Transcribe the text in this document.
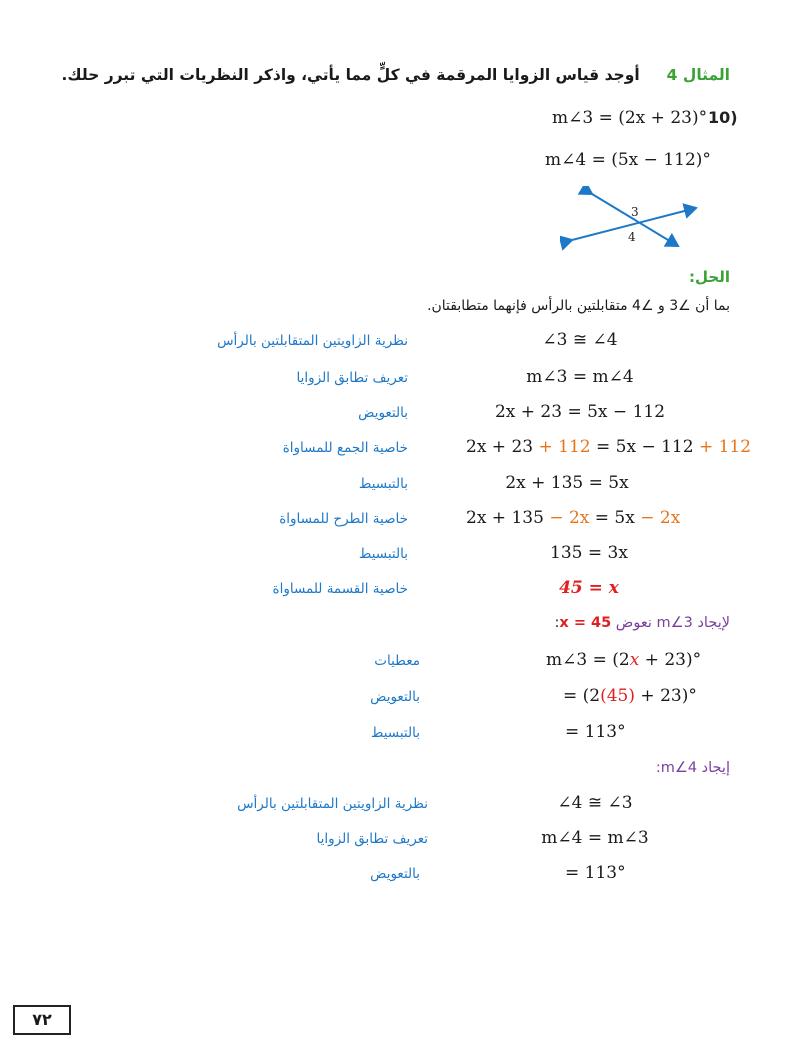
المثال 4     أوجد قياس الزوايا المرقمة في كلٍّ مما يأتي، واذكر النظريات التي تبرر حلك.
10)
m∠3 = (2x + 23)°
m∠4 = (5x − 112)°
3
4
الحل:
بما أن ∠3 و ∠4 متقابلتين بالرأس فإنهما متطابقتان.
∠3 ≅ ∠4
نظرية الزاويتين المتقابلتين بالرأس
m∠3 = m∠4
تعريف تطابق الزوايا
2x + 23 = 5x − 112
بالتعويض
2x + 23 + 112 = 5x − 112 + 112
خاصية الجمع للمساواة
2x + 135 = 5x
بالتبسيط
2x + 135 − 2x = 5x − 2x
خاصية الطرح للمساواة
135 = 3x
بالتبسيط
45 = x
خاصية القسمة للمساواة
لإيجاد m∠3 نعوض x = 45:
m∠3 = (2x + 23)°
معطيات
= (2(45) + 23)°
بالتعويض
= 113°
بالتبسيط
إيجاد m∠4:
∠4 ≅ ∠3
نظرية الزاويتين المتقابلتين بالرأس
m∠4 = m∠3
تعريف تطابق الزوايا
= 113°
بالتعويض
٧٢
